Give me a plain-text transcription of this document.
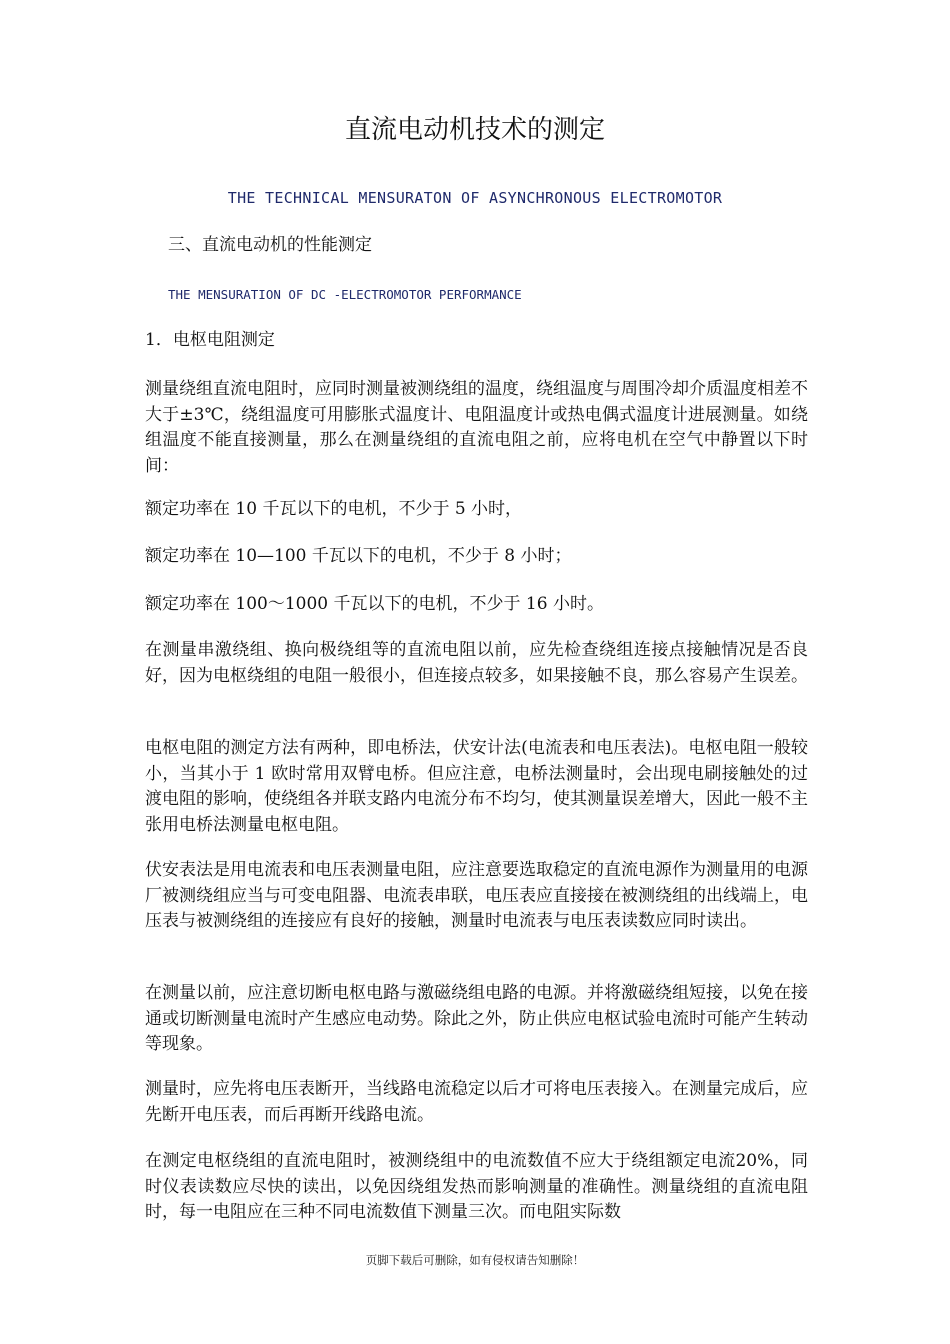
直流电动机技术的测定
THE TECHNICAL MENSURATON OF ASYNCHRONOUS ELECTROMOTOR
三、直流电动机的性能测定
THE MENSURATION OF DC -ELECTROMOTOR PERFORMANCE
1．电枢电阻测定
测量绕组直流电阻时，应同时测量被测绕组的温度，绕组温度与周围冷却介质温度相差不大于±3℃，绕组温度可用膨胀式温度计、电阻温度计或热电偶式温度计进展测量。如绕组温度不能直接测量，那么在测量绕组的直流电阻之前，应将电机在空气中静置以下时间：
额定功率在 10 千瓦以下的电机，不少于 5 小时，
额定功率在 10—100 千瓦以下的电机，不少于 8 小时；
额定功率在 100～1000 千瓦以下的电机，不少于 16 小时。
在测量串激绕组、换向极绕组等的直流电阻以前，应先检查绕组连接点接触情况是否良好，因为电枢绕组的电阻一般很小，但连接点较多，如果接触不良，那么容易产生误差。
电枢电阻的测定方法有两种，即电桥法，伏安计法(电流表和电压表法)。电枢电阻一般较小，当其小于 1 欧时常用双臂电桥。但应注意，电桥法测量时，会出现电刷接触处的过渡电阻的影响，使绕组各并联支路内电流分布不均匀，使其测量误差增大，因此一般不主张用电桥法测量电枢电阻。
伏安表法是用电流表和电压表测量电阻，应注意要选取稳定的直流电源作为测量用的电源厂被测绕组应当与可变电阻器、电流表串联，电压表应直接接在被测绕组的出线端上，电压表与被测绕组的连接应有良好的接触，测量时电流表与电压表读数应同时读出。
在测量以前，应注意切断电枢电路与激磁绕组电路的电源。并将激磁绕组短接，以免在接通或切断测量电流时产生感应电动势。除此之外，防止供应电枢试验电流时可能产生转动等现象。
测量时，应先将电压表断开，当线路电流稳定以后才可将电压表接入。在测量完成后，应先断开电压表，而后再断开线路电流。
在测定电枢绕组的直流电阻时，被测绕组中的电流数值不应大于绕组额定电流20%，同时仪表读数应尽快的读出，以免因绕组发热而影响测量的准确性。测量绕组的直流电阻时，每一电阻应在三种不同电流数值下测量三次。而电阻实际数
页脚下载后可删除，如有侵权请告知删除！
